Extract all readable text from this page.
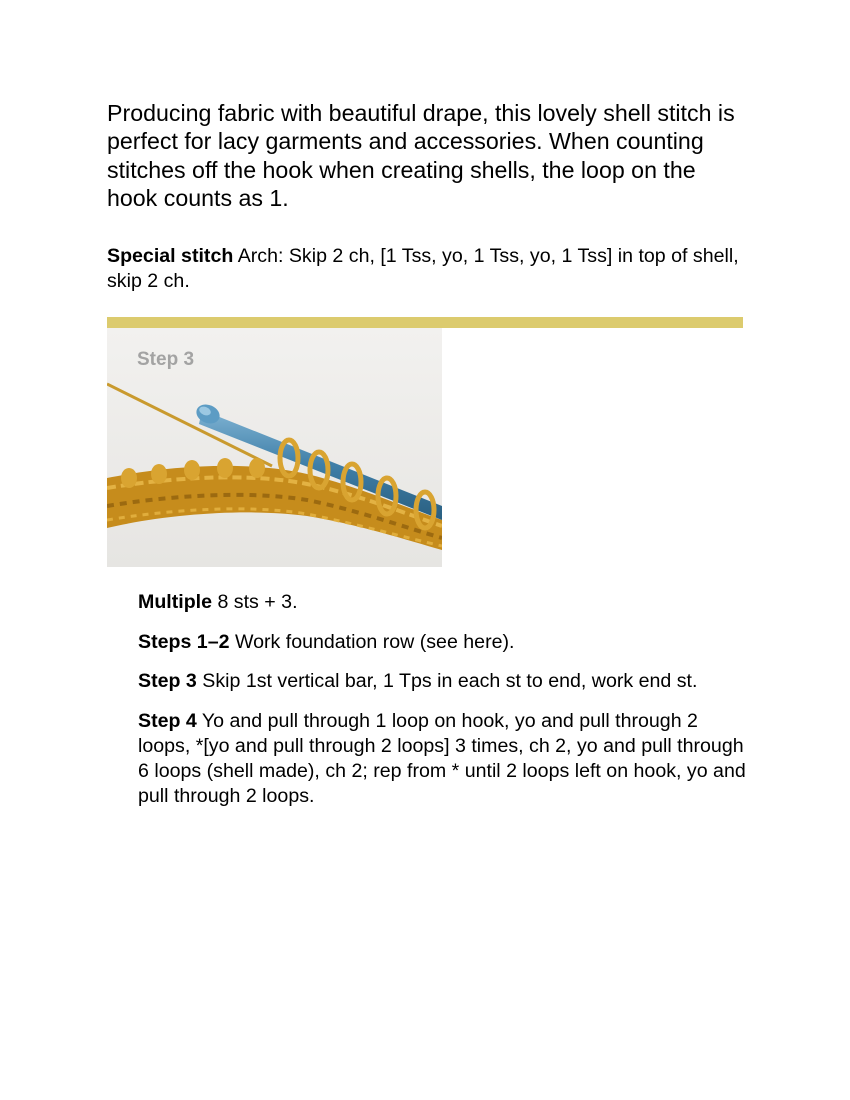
Producing fabric with beautiful drape, this lovely shell stitch is perfect for lacy garments and accessories. When counting stitches off the hook when creating shells, the loop on the hook counts as 1.

Special stitch Arch: Skip 2 ch, [1 Tss, yo, 1 Tss, yo, 1 Tss] in top of shell, skip 2 ch.

Step 3

Multiple 8 sts + 3.

Steps 1–2 Work foundation row (see here).

Step 3 Skip 1st vertical bar, 1 Tps in each st to end, work end st.

Step 4 Yo and pull through 1 loop on hook, yo and pull through 2 loops, *[yo and pull through 2 loops] 3 times, ch 2, yo and pull through 6 loops (shell made), ch 2; rep from * until 2 loops left on hook, yo and pull through 2 loops.
